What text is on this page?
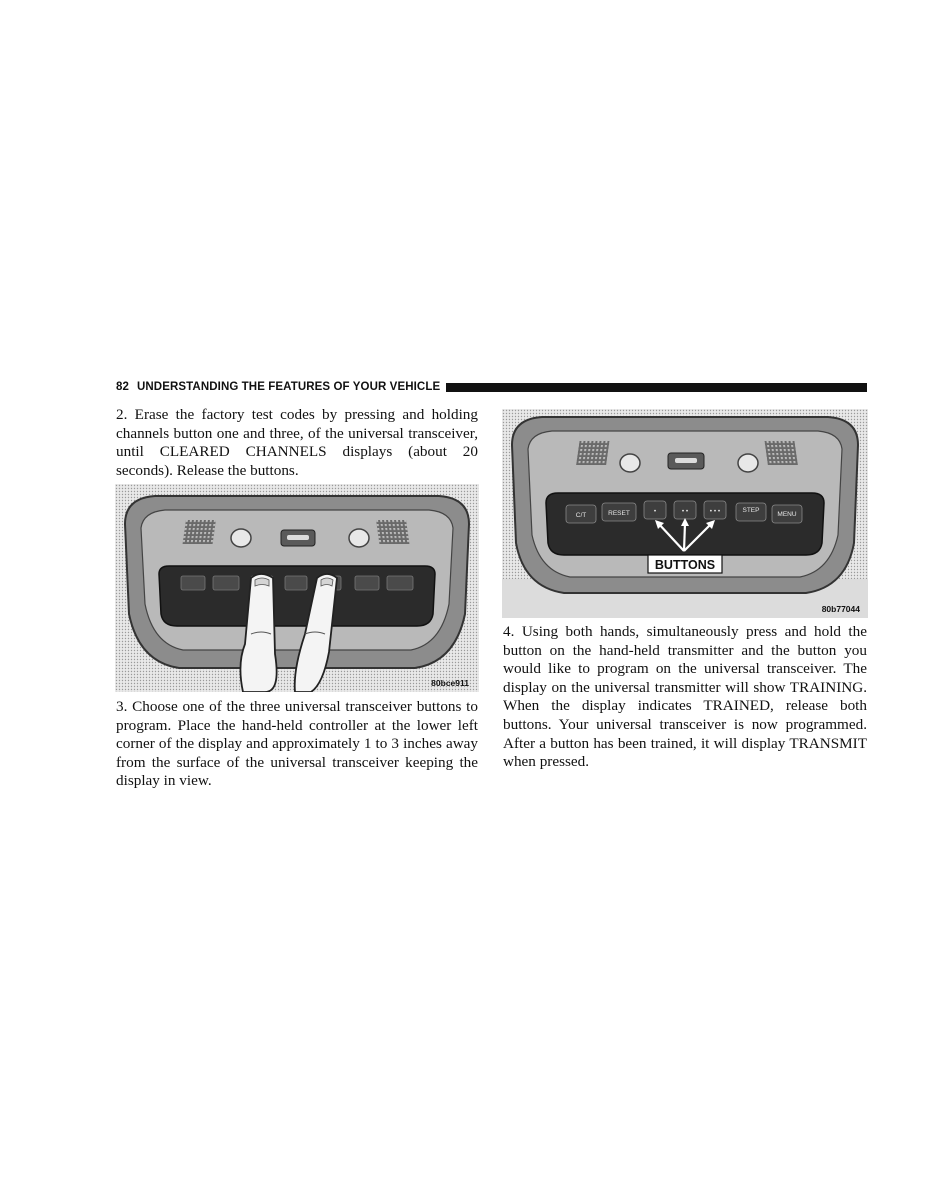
82 UNDERSTANDING THE FEATURES OF YOUR VEHICLE

2. Erase the factory test codes by pressing and holding channels button one and three, of the universal transceiver, until CLEARED CHANNELS displays (about 20 seconds). Release the buttons.

80bce911

3. Choose one of the three universal transceiver buttons to program. Place the hand-held controller at the lower left corner of the display and approximately 1 to 3 inches away from the surface of the universal transceiver keeping the display in view.

C/T	RESET	•	• •	• • •	STEP
MENU
BUTTONS
80b77044

4. Using both hands, simultaneously press and hold the button on the hand-held transmitter and the button you would like to program on the universal transceiver. The display on the universal transmitter will show TRAINING. When the display indicates TRAINED, release both buttons. Your universal transceiver is now programmed. After a button has been trained, it will display TRANSMIT when pressed.
